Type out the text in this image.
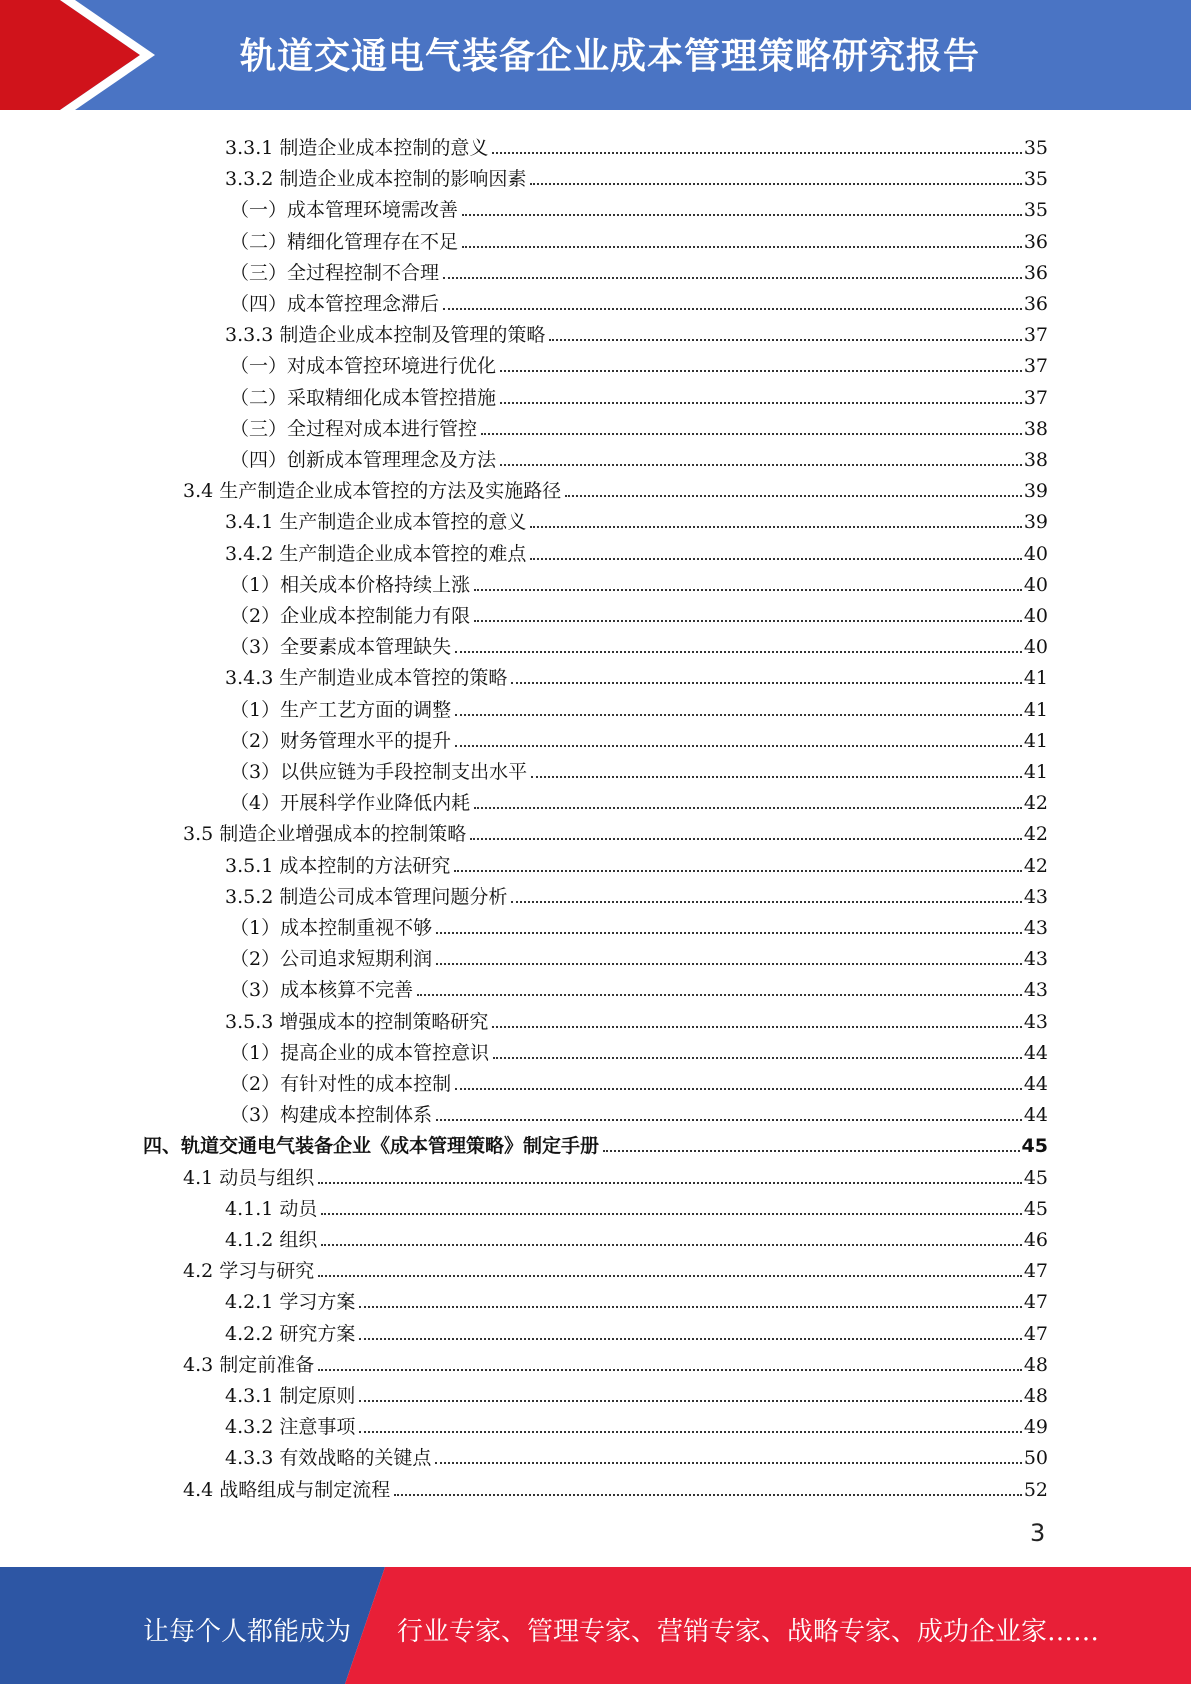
轨道交通电气装备企业成本管理策略研究报告
3.3.1 制造企业成本控制的意义	35
3.3.2 制造企业成本控制的影响因素	35
（一）成本管理环境需改善	35
（二）精细化管理存在不足	36
（三）全过程控制不合理	36
（四）成本管控理念滞后	36
3.3.3 制造企业成本控制及管理的策略	37
（一）对成本管控环境进行优化	37
（二）采取精细化成本管控措施	37
（三）全过程对成本进行管控	38
（四）创新成本管理理念及方法	38
3.4 生产制造企业成本管控的方法及实施路径	39
3.4.1 生产制造企业成本管控的意义	39
3.4.2 生产制造企业成本管控的难点	40
（1）相关成本价格持续上涨	40
（2）企业成本控制能力有限	40
（3）全要素成本管理缺失	40
3.4.3 生产制造业成本管控的策略	41
（1）生产工艺方面的调整	41
（2）财务管理水平的提升	41
（3）以供应链为手段控制支出水平	41
（4）开展科学作业降低内耗	42
3.5 制造企业增强成本的控制策略	42
3.5.1 成本控制的方法研究	42
3.5.2 制造公司成本管理问题分析	43
（1）成本控制重视不够	43
（2）公司追求短期利润	43
（3）成本核算不完善	43
3.5.3 增强成本的控制策略研究	43
（1）提高企业的成本管控意识	44
（2）有针对性的成本控制	44
（3）构建成本控制体系	44
四、轨道交通电气装备企业《成本管理策略》制定手册	45
4.1 动员与组织	45
4.1.1 动员	45
4.1.2 组织	46
4.2 学习与研究	47
4.2.1 学习方案	47
4.2.2 研究方案	47
4.3 制定前准备	48
4.3.1 制定原则	48
4.3.2 注意事项	49
4.3.3 有效战略的关键点	50
4.4 战略组成与制定流程	52
3
让每个人都能成为 行业专家、管理专家、营销专家、战略专家、成功企业家……
